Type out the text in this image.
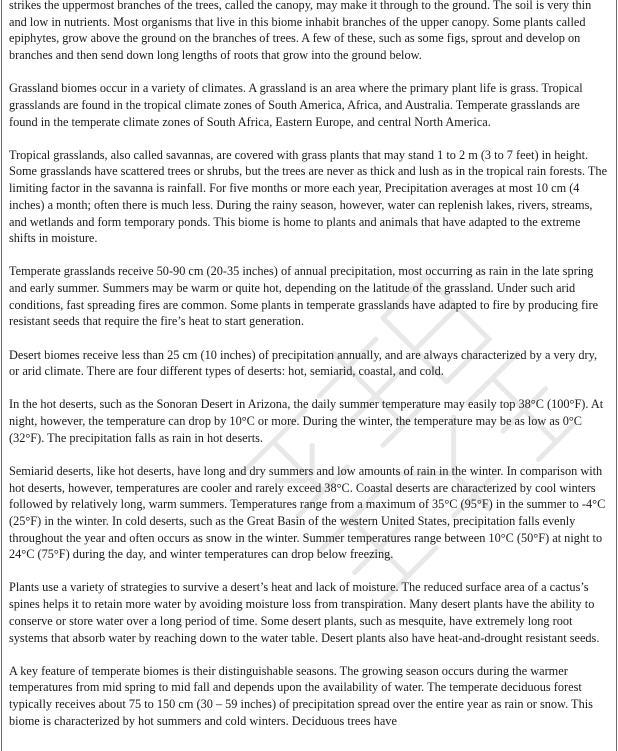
strikes the uppermost branches of the trees, called the canopy, may make it through to the ground. The soil is very thin and low in nutrients. Most organisms that live in this biome inhabit branches of the upper canopy. Some plants called epiphytes, grow above the ground on the branches of trees. A few of these, such as some figs, sprout and develop on branches and then send down long lengths of roots that grow into the ground below.

Grassland biomes occur in a variety of climates. A grassland is an area where the primary plant life is grass. Tropical grasslands are found in the tropical climate zones of South America, Africa, and Australia. Temperate grasslands are found in the temperate climate zones of South Africa, Eastern Europe, and central North America.

Tropical grasslands, also called savannas, are covered with grass plants that may stand 1 to 2 m (3 to 7 feet) in height. Some grasslands have scattered trees or shrubs, but the trees are never as thick and lush as in the tropical rain forests. The limiting factor in the savanna is rainfall. For five months or more each year, Precipitation averages at most 10 cm (4 inches) a month; often there is much less. During the rainy season, however, water can replenish lakes, rivers, streams, and wetlands and form temporary ponds. This biome is home to plants and animals that have adapted to the extreme shifts in moisture.

Temperate grasslands receive 50-90 cm (20-35 inches) of annual precipitation, most occurring as rain in the late spring and early summer. Summers may be warm or quite hot, depending on the latitude of the grassland. Under such arid conditions, fast spreading fires are common. Some plants in temperate grasslands have adapted to fire by producing fire resistant seeds that require the fire’s heat to start generation.

Desert biomes receive less than 25 cm (10 inches) of precipitation annually, and are always characterized by a very dry, or arid climate. There are four different types of deserts: hot, semiarid, coastal, and cold.

In the hot deserts, such as the Sonoran Desert in Arizona, the daily summer temperature may easily top 38°C (100°F). At night, however, the temperature can drop by 10°C or more. During the winter, the temperature may be as low as 0°C (32°F). The precipitation falls as rain in hot deserts.

Semiarid deserts, like hot deserts, have long and dry summers and low amounts of rain in the winter. In comparison with hot deserts, however, temperatures are cooler and rarely exceed 38°C. Coastal deserts are characterized by cool winters followed by relatively long, warm summers. Temperatures range from a maximum of 35°C (95°F) in the summer to -4°C (25°F) in the winter. In cold deserts, such as the Great Basin of the western United States, precipitation falls evenly throughout the year and often occurs as snow in the winter. Summer temperatures range between 10°C (50°F) at night to 24°C (75°F) during the day, and winter temperatures can drop below freezing.

Plants use a variety of strategies to survive a desert’s heat and lack of moisture. The reduced surface area of a cactus’s spines helps it to retain more water by avoiding moisture loss from transpiration. Many desert plants have the ability to conserve or store water over a long period of time. Some desert plants, such as mesquite, have extremely long root systems that absorb water by reaching down to the water table. Desert plants also have heat-and-drought resistant seeds.

A key feature of temperate biomes is their distinguishable seasons. The growing season occurs during the warmer temperatures from mid spring to mid fall and depends upon the availability of water. The temperate deciduous forest typically receives about 75 to 150 cm (30 – 59 inches) of precipitation spread over the entire year as rain or snow. This biome is characterized by hot summers and cold winters. Deciduous trees have
